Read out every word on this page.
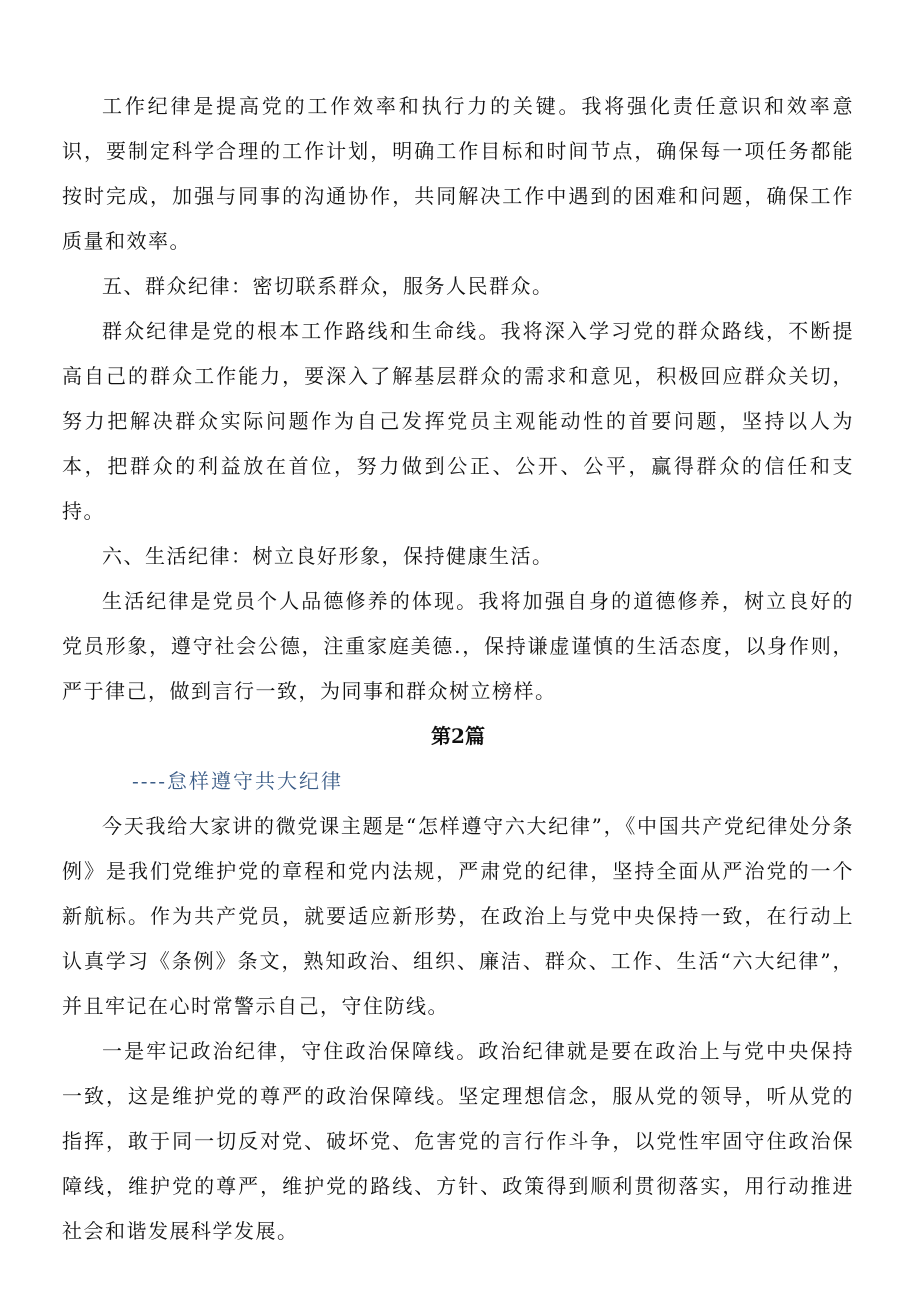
工作纪律是提高党的工作效率和执行力的关键。我将强化责任意识和效率意识，要制定科学合理的工作计划，明确工作目标和时间节点，确保每一项任务都能按时完成，加强与同事的沟通协作，共同解决工作中遇到的困难和问题，确保工作质量和效率。

五、群众纪律：密切联系群众，服务人民群众。

群众纪律是党的根本工作路线和生命线。我将深入学习党的群众路线，不断提高自己的群众工作能力，要深入了解基层群众的需求和意见，积极回应群众关切，努力把解决群众实际问题作为自己发挥党员主观能动性的首要问题，坚持以人为本，把群众的利益放在首位，努力做到公正、公开、公平，赢得群众的信任和支持。

六、生活纪律：树立良好形象，保持健康生活。

生活纪律是党员个人品德修养的体现。我将加强自身的道德修养，树立良好的党员形象，遵守社会公德，注重家庭美德.，保持谦虚谨慎的生活态度，以身作则，严于律己，做到言行一致，为同事和群众树立榜样。

第2篇

----怠样遵守共大纪律

今天我给大家讲的微党课主题是“怎样遵守六大纪律”，《中国共产党纪律处分条例》是我们党维护党的章程和党内法规，严肃党的纪律，坚持全面从严治党的一个新航标。作为共产党员，就要适应新形势，在政治上与党中央保持一致，在行动上认真学习《条例》条文，熟知政治、组织、廉洁、群众、工作、生活“六大纪律”，并且牢记在心时常警示自己，守住防线。

一是牢记政治纪律，守住政治保障线。政治纪律就是要在政治上与党中央保持一致，这是维护党的尊严的政治保障线。坚定理想信念，服从党的领导，听从党的指挥，敢于同一切反对党、破坏党、危害党的言行作斗争，以党性牢固守住政治保障线，维护党的尊严，维护党的路线、方针、政策得到顺利贯彻落实，用行动推进社会和谐发展科学发展。
